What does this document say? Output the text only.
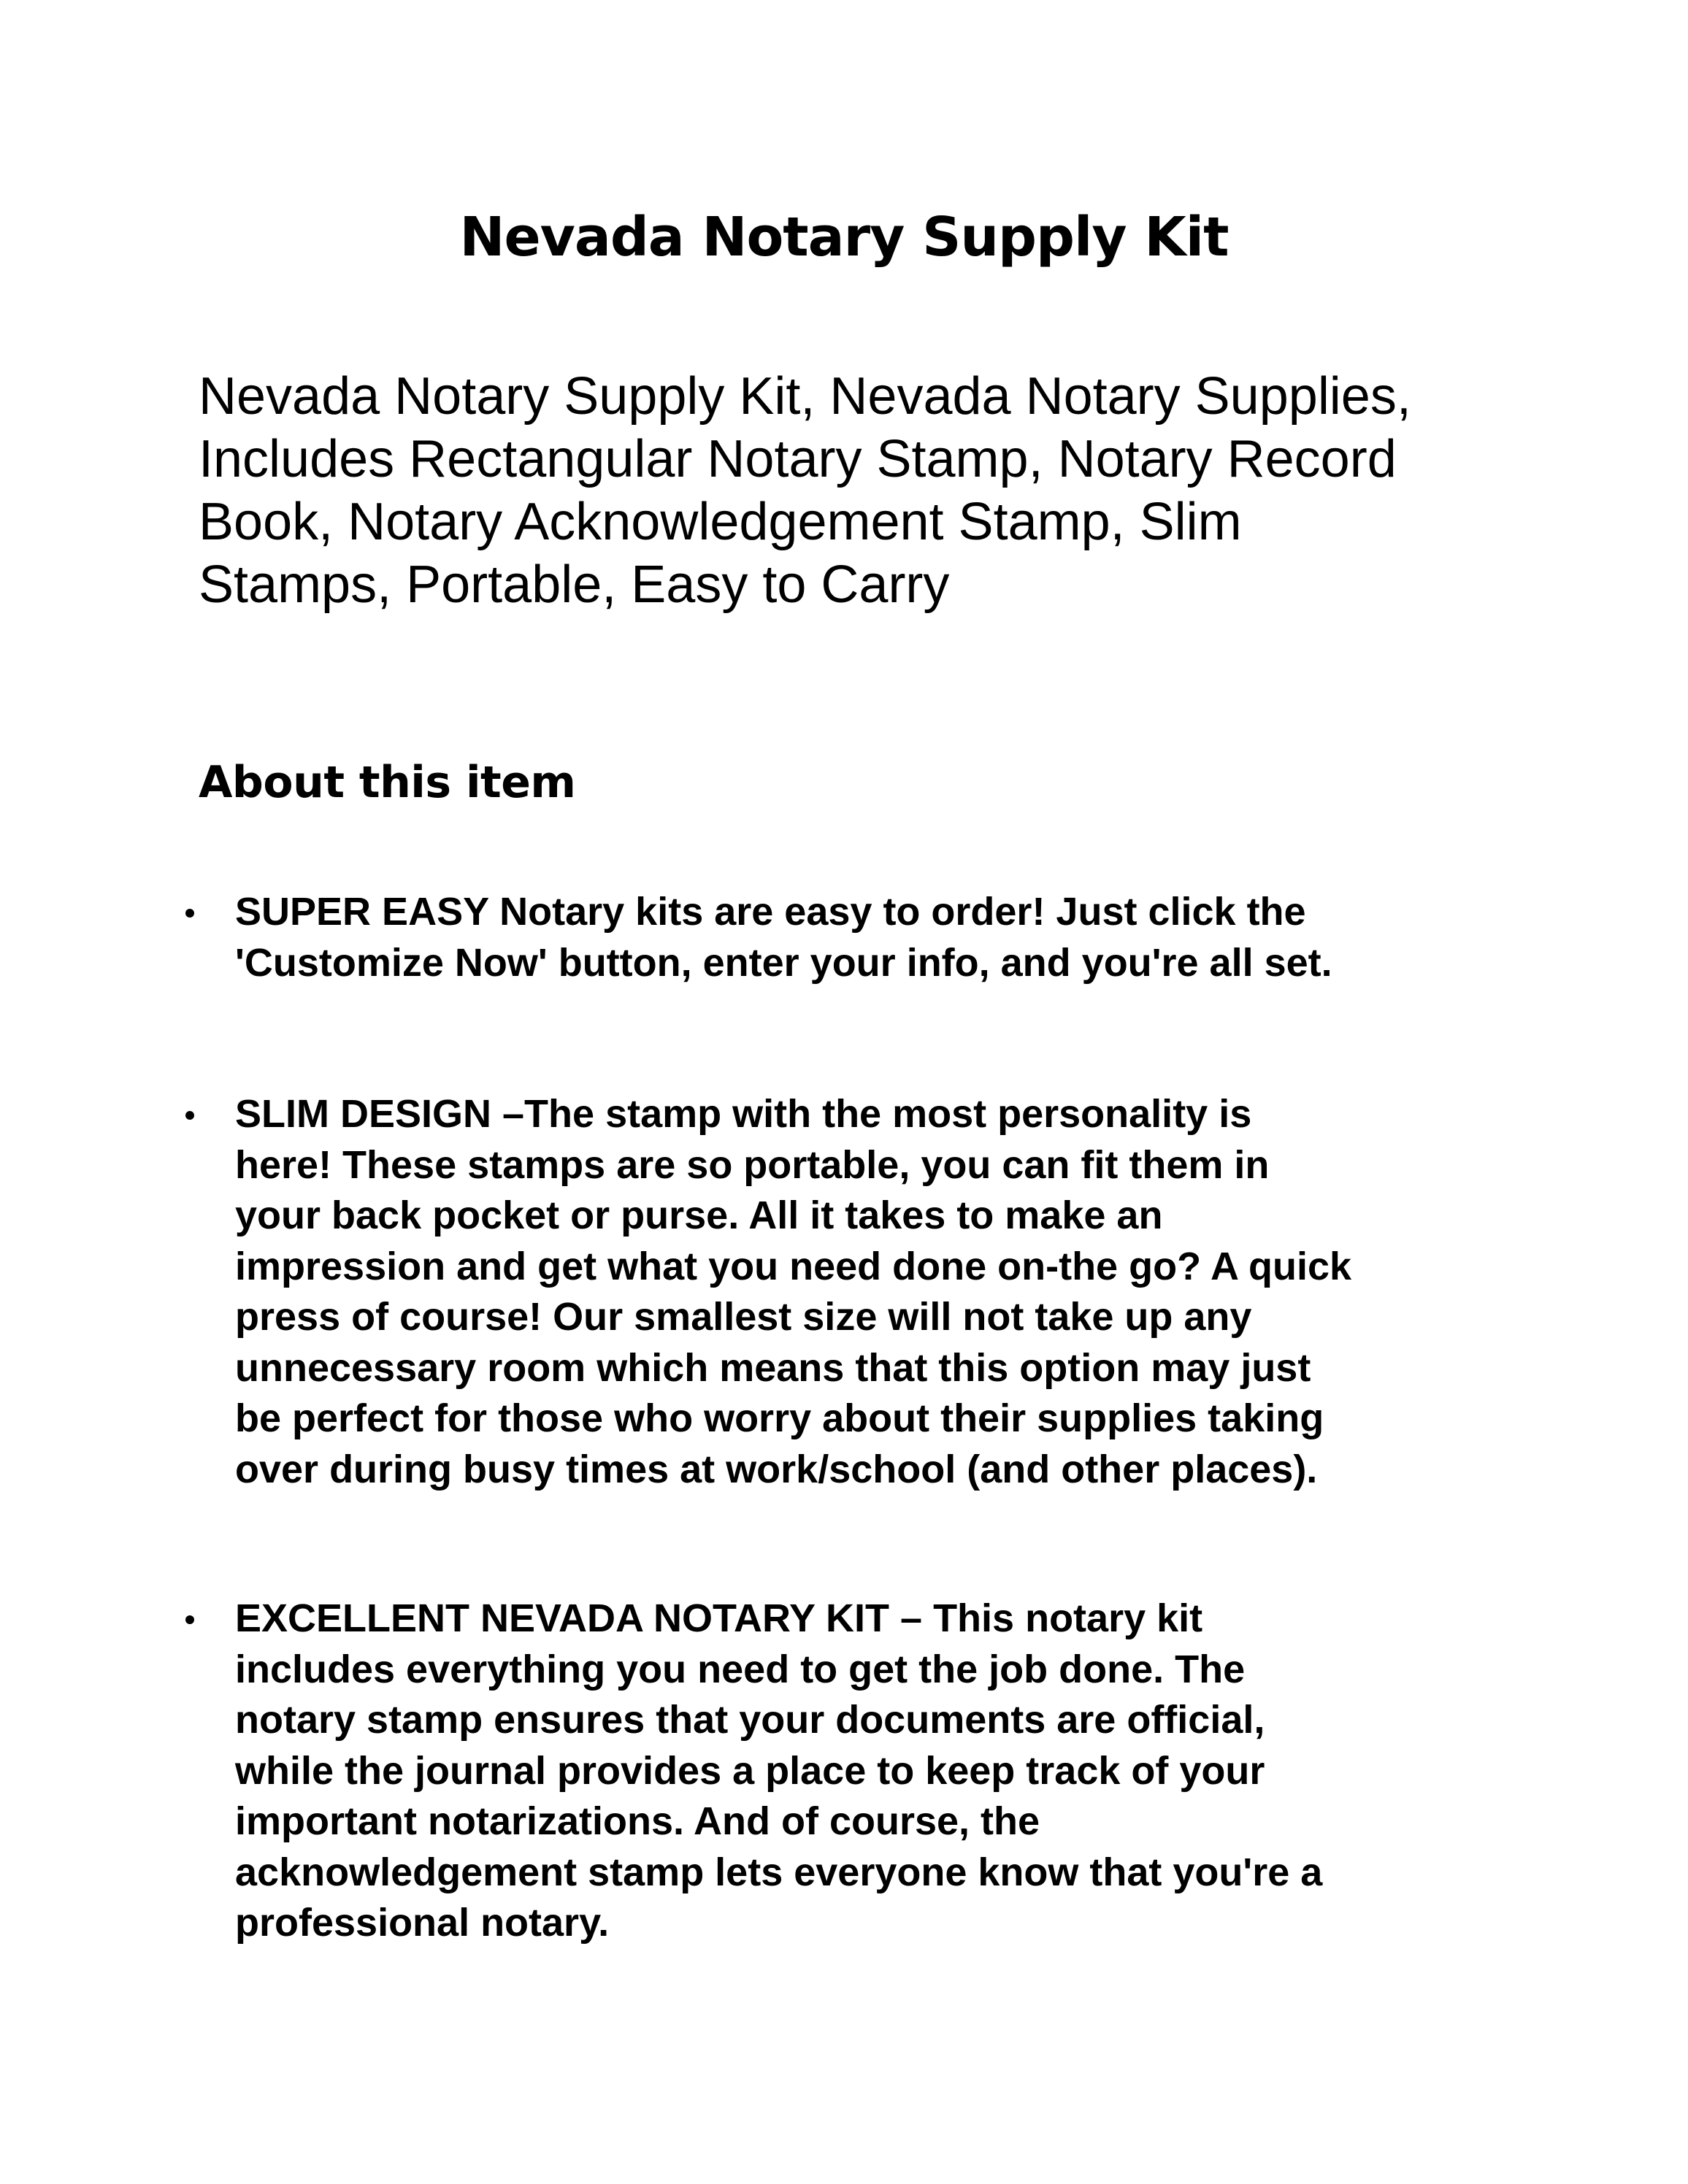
Nevada Notary Supply Kit

Nevada Notary Supply Kit, Nevada Notary Supplies,
Includes Rectangular Notary Stamp, Notary Record
Book, Notary Acknowledgement Stamp, Slim
Stamps, Portable, Easy to Carry

About this item

SUPER EASY Notary kits are easy to order! Just click the
'Customize Now' button, enter your info, and you're all set.

SLIM DESIGN –The stamp with the most personality is
here! These stamps are so portable, you can fit them in
your back pocket or purse. All it takes to make an
impression and get what you need done on-the go? A quick
press of course! Our smallest size will not take up any
unnecessary room which means that this option may just
be perfect for those who worry about their supplies taking
over during busy times at work/school (and other places).

EXCELLENT NEVADA NOTARY KIT – This notary kit
includes everything you need to get the job done. The
notary stamp ensures that your documents are official,
while the journal provides a place to keep track of your
important notarizations. And of course, the
acknowledgement stamp lets everyone know that you're a
professional notary.
